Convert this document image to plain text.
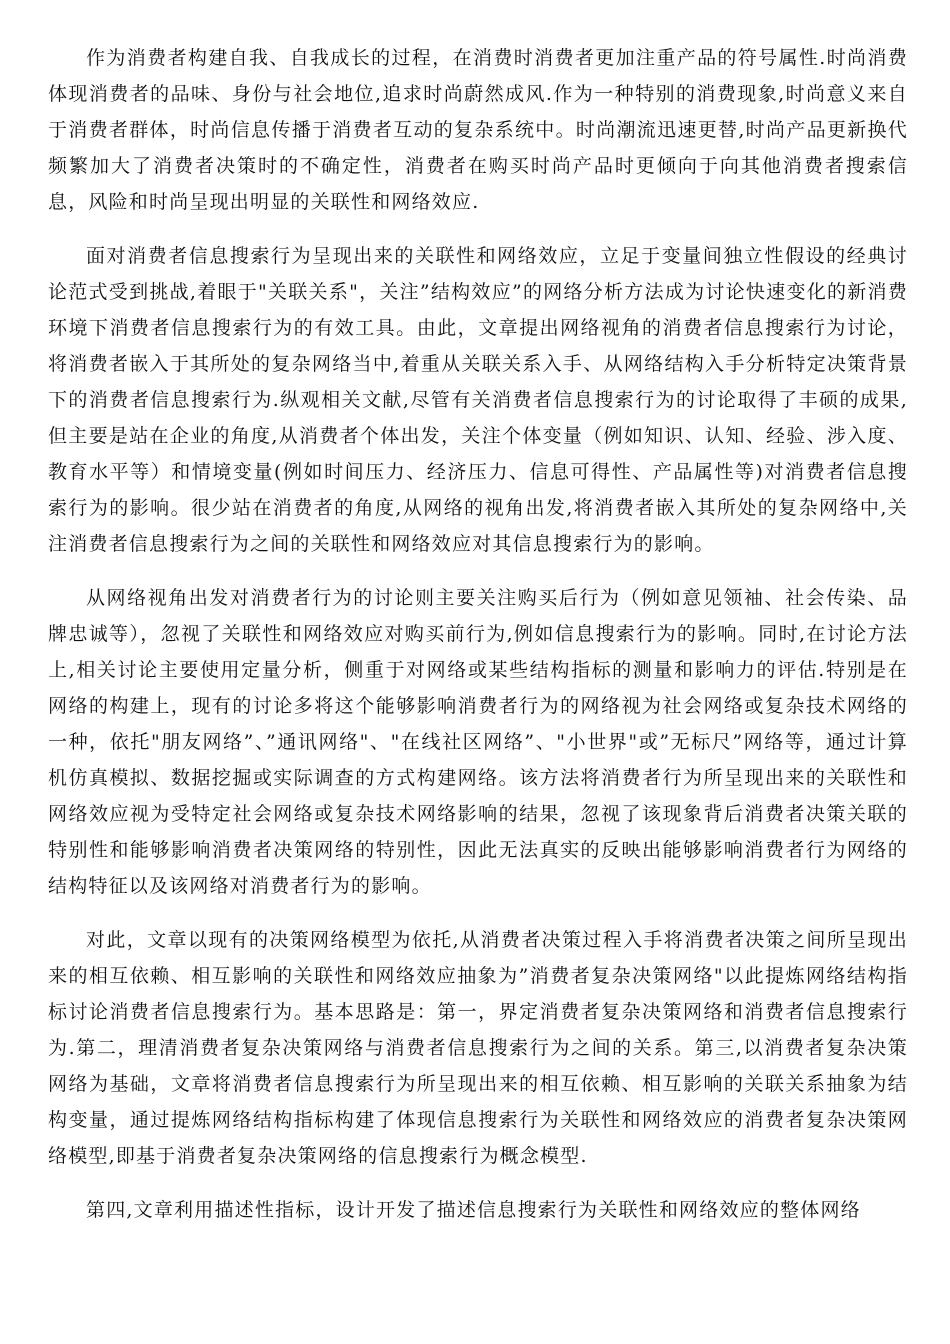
作为消费者构建自我、自我成长的过程，在消费时消费者更加注重产品的符号属性.时尚消费体现消费者的品味、身份与社会地位,追求时尚蔚然成风.作为一种特别的消费现象,时尚意义来自于消费者群体，时尚信息传播于消费者互动的复杂系统中。时尚潮流迅速更替,时尚产品更新换代频繁加大了消费者决策时的不确定性，消费者在购买时尚产品时更倾向于向其他消费者搜索信息，风险和时尚呈现出明显的关联性和网络效应.

面对消费者信息搜索行为呈现出来的关联性和网络效应，立足于变量间独立性假设的经典讨论范式受到挑战,着眼于"关联关系"，关注”结构效应”的网络分析方法成为讨论快速变化的新消费环境下消费者信息搜索行为的有效工具。由此，文章提出网络视角的消费者信息搜索行为讨论，将消费者嵌入于其所处的复杂网络当中,着重从关联关系入手、从网络结构入手分析特定决策背景下的消费者信息搜索行为.纵观相关文献,尽管有关消费者信息搜索行为的讨论取得了丰硕的成果,但主要是站在企业的角度,从消费者个体出发，关注个体变量（例如知识、认知、经验、涉入度、教育水平等）和情境变量(例如时间压力、经济压力、信息可得性、产品属性等)对消费者信息搜索行为的影响。很少站在消费者的角度,从网络的视角出发,将消费者嵌入其所处的复杂网络中,关注消费者信息搜索行为之间的关联性和网络效应对其信息搜索行为的影响。

从网络视角出发对消费者行为的讨论则主要关注购买后行为（例如意见领袖、社会传染、品牌忠诚等），忽视了关联性和网络效应对购买前行为,例如信息搜索行为的影响。同时,在讨论方法上,相关讨论主要使用定量分析，侧重于对网络或某些结构指标的测量和影响力的评估.特别是在网络的构建上，现有的讨论多将这个能够影响消费者行为的网络视为社会网络或复杂技术网络的一种，依托"朋友网络”、”通讯网络"、"在线社区网络”、"小世界"或”无标尺”网络等，通过计算机仿真模拟、数据挖掘或实际调查的方式构建网络。该方法将消费者行为所呈现出来的关联性和网络效应视为受特定社会网络或复杂技术网络影响的结果，忽视了该现象背后消费者决策关联的特别性和能够影响消费者决策网络的特别性，因此无法真实的反映出能够影响消费者行为网络的结构特征以及该网络对消费者行为的影响。

对此，文章以现有的决策网络模型为依托,从消费者决策过程入手将消费者决策之间所呈现出来的相互依赖、相互影响的关联性和网络效应抽象为”消费者复杂决策网络"以此提炼网络结构指标讨论消费者信息搜索行为。基本思路是：第一，界定消费者复杂决策网络和消费者信息搜索行为.第二，理清消费者复杂决策网络与消费者信息搜索行为之间的关系。第三,以消费者复杂决策网络为基础，文章将消费者信息搜索行为所呈现出来的相互依赖、相互影响的关联关系抽象为结构变量，通过提炼网络结构指标构建了体现信息搜索行为关联性和网络效应的消费者复杂决策网络模型,即基于消费者复杂决策网络的信息搜索行为概念模型.

第四,文章利用描述性指标，设计开发了描述信息搜索行为关联性和网络效应的整体网络
